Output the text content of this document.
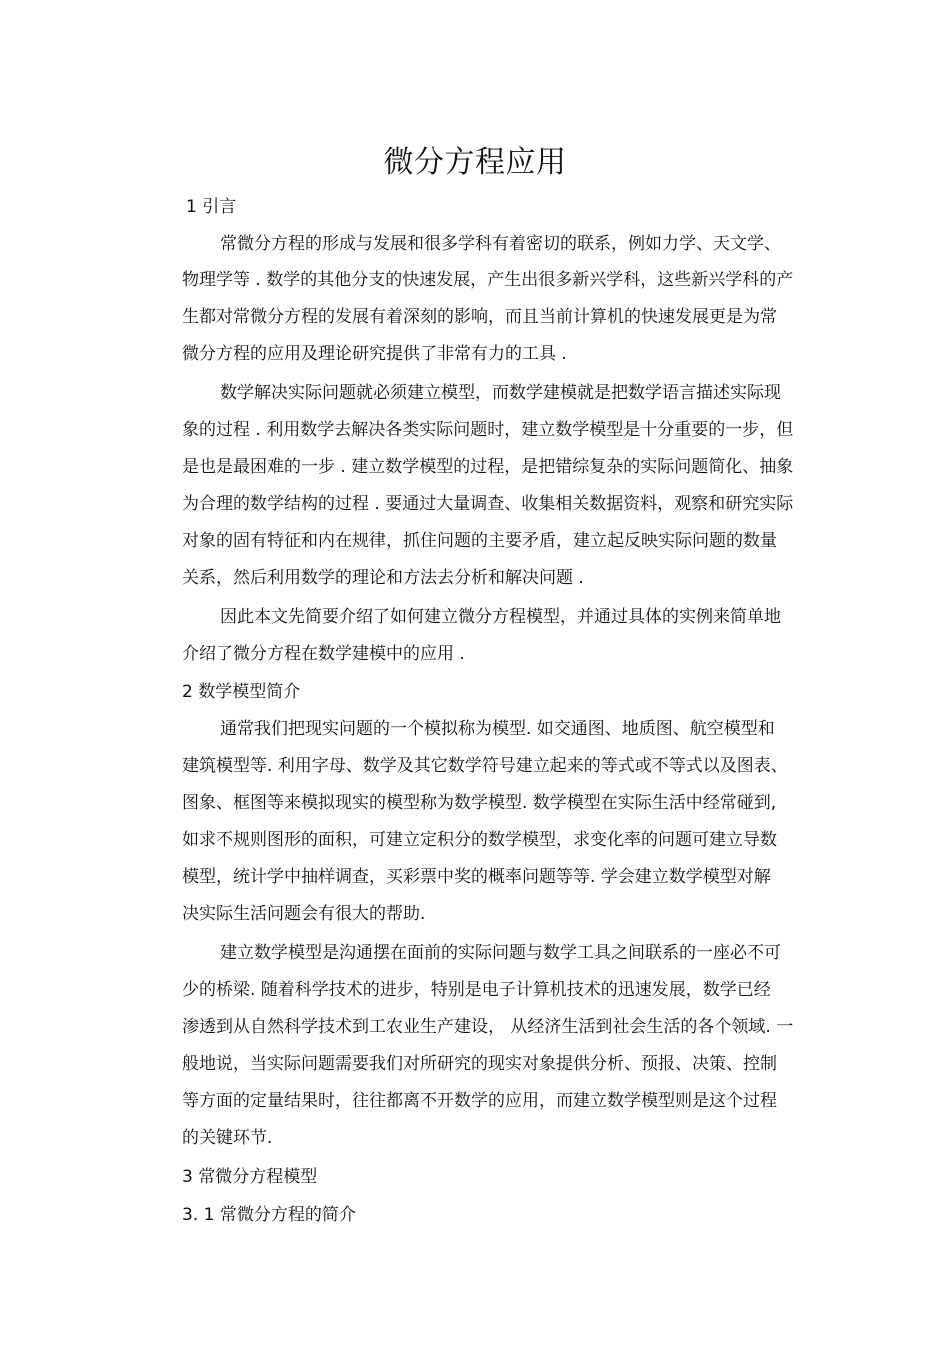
微分方程应用

1 引言

常微分方程的形成与发展和很多学科有着密切的联系，例如力学、天文学、

物理学等 . 数学的其他分支的快速发展，产生出很多新兴学科，这些新兴学科的产

生都对常微分方程的发展有着深刻的影响，而且当前计算机的快速发展更是为常

微分方程的应用及理论研究提供了非常有力的工具 .

数学解决实际问题就必须建立模型，而数学建模就是把数学语言描述实际现

象的过程 . 利用数学去解决各类实际问题时，建立数学模型是十分重要的一步，但

是也是最困难的一步 . 建立数学模型的过程，是把错综复杂的实际问题简化、抽象

为合理的数学结构的过程 . 要通过大量调查、收集相关数据资料，观察和研究实际

对象的固有特征和内在规律，抓住问题的主要矛盾，建立起反映实际问题的数量

关系，然后利用数学的理论和方法去分析和解决问题 .

因此本文先简要介绍了如何建立微分方程模型，并通过具体的实例来简单地

介绍了微分方程在数学建模中的应用 .

2 数学模型简介

通常我们把现实问题的一个模拟称为模型. 如交通图、地质图、航空模型和

建筑模型等. 利用字母、数学及其它数学符号建立起来的等式或不等式以及图表、

图象、框图等来模拟现实的模型称为数学模型. 数学模型在实际生活中经常碰到,

如求不规则图形的面积，可建立定积分的数学模型，求变化率的问题可建立导数

模型，统计学中抽样调查，买彩票中奖的概率问题等等. 学会建立数学模型对解

决实际生活问题会有很大的帮助.

建立数学模型是沟通摆在面前的实际问题与数学工具之间联系的一座必不可

少的桥梁. 随着科学技术的进步，特别是电子计算机技术的迅速发展，数学已经

渗透到从自然科学技术到工农业生产建设， 从经济生活到社会生活的各个领域. 一

般地说，当实际问题需要我们对所研究的现实对象提供分析、预报、决策、控制

等方面的定量结果时，往往都离不开数学的应用，而建立数学模型则是这个过程

的关键环节.

3 常微分方程模型

3. 1 常微分方程的简介
